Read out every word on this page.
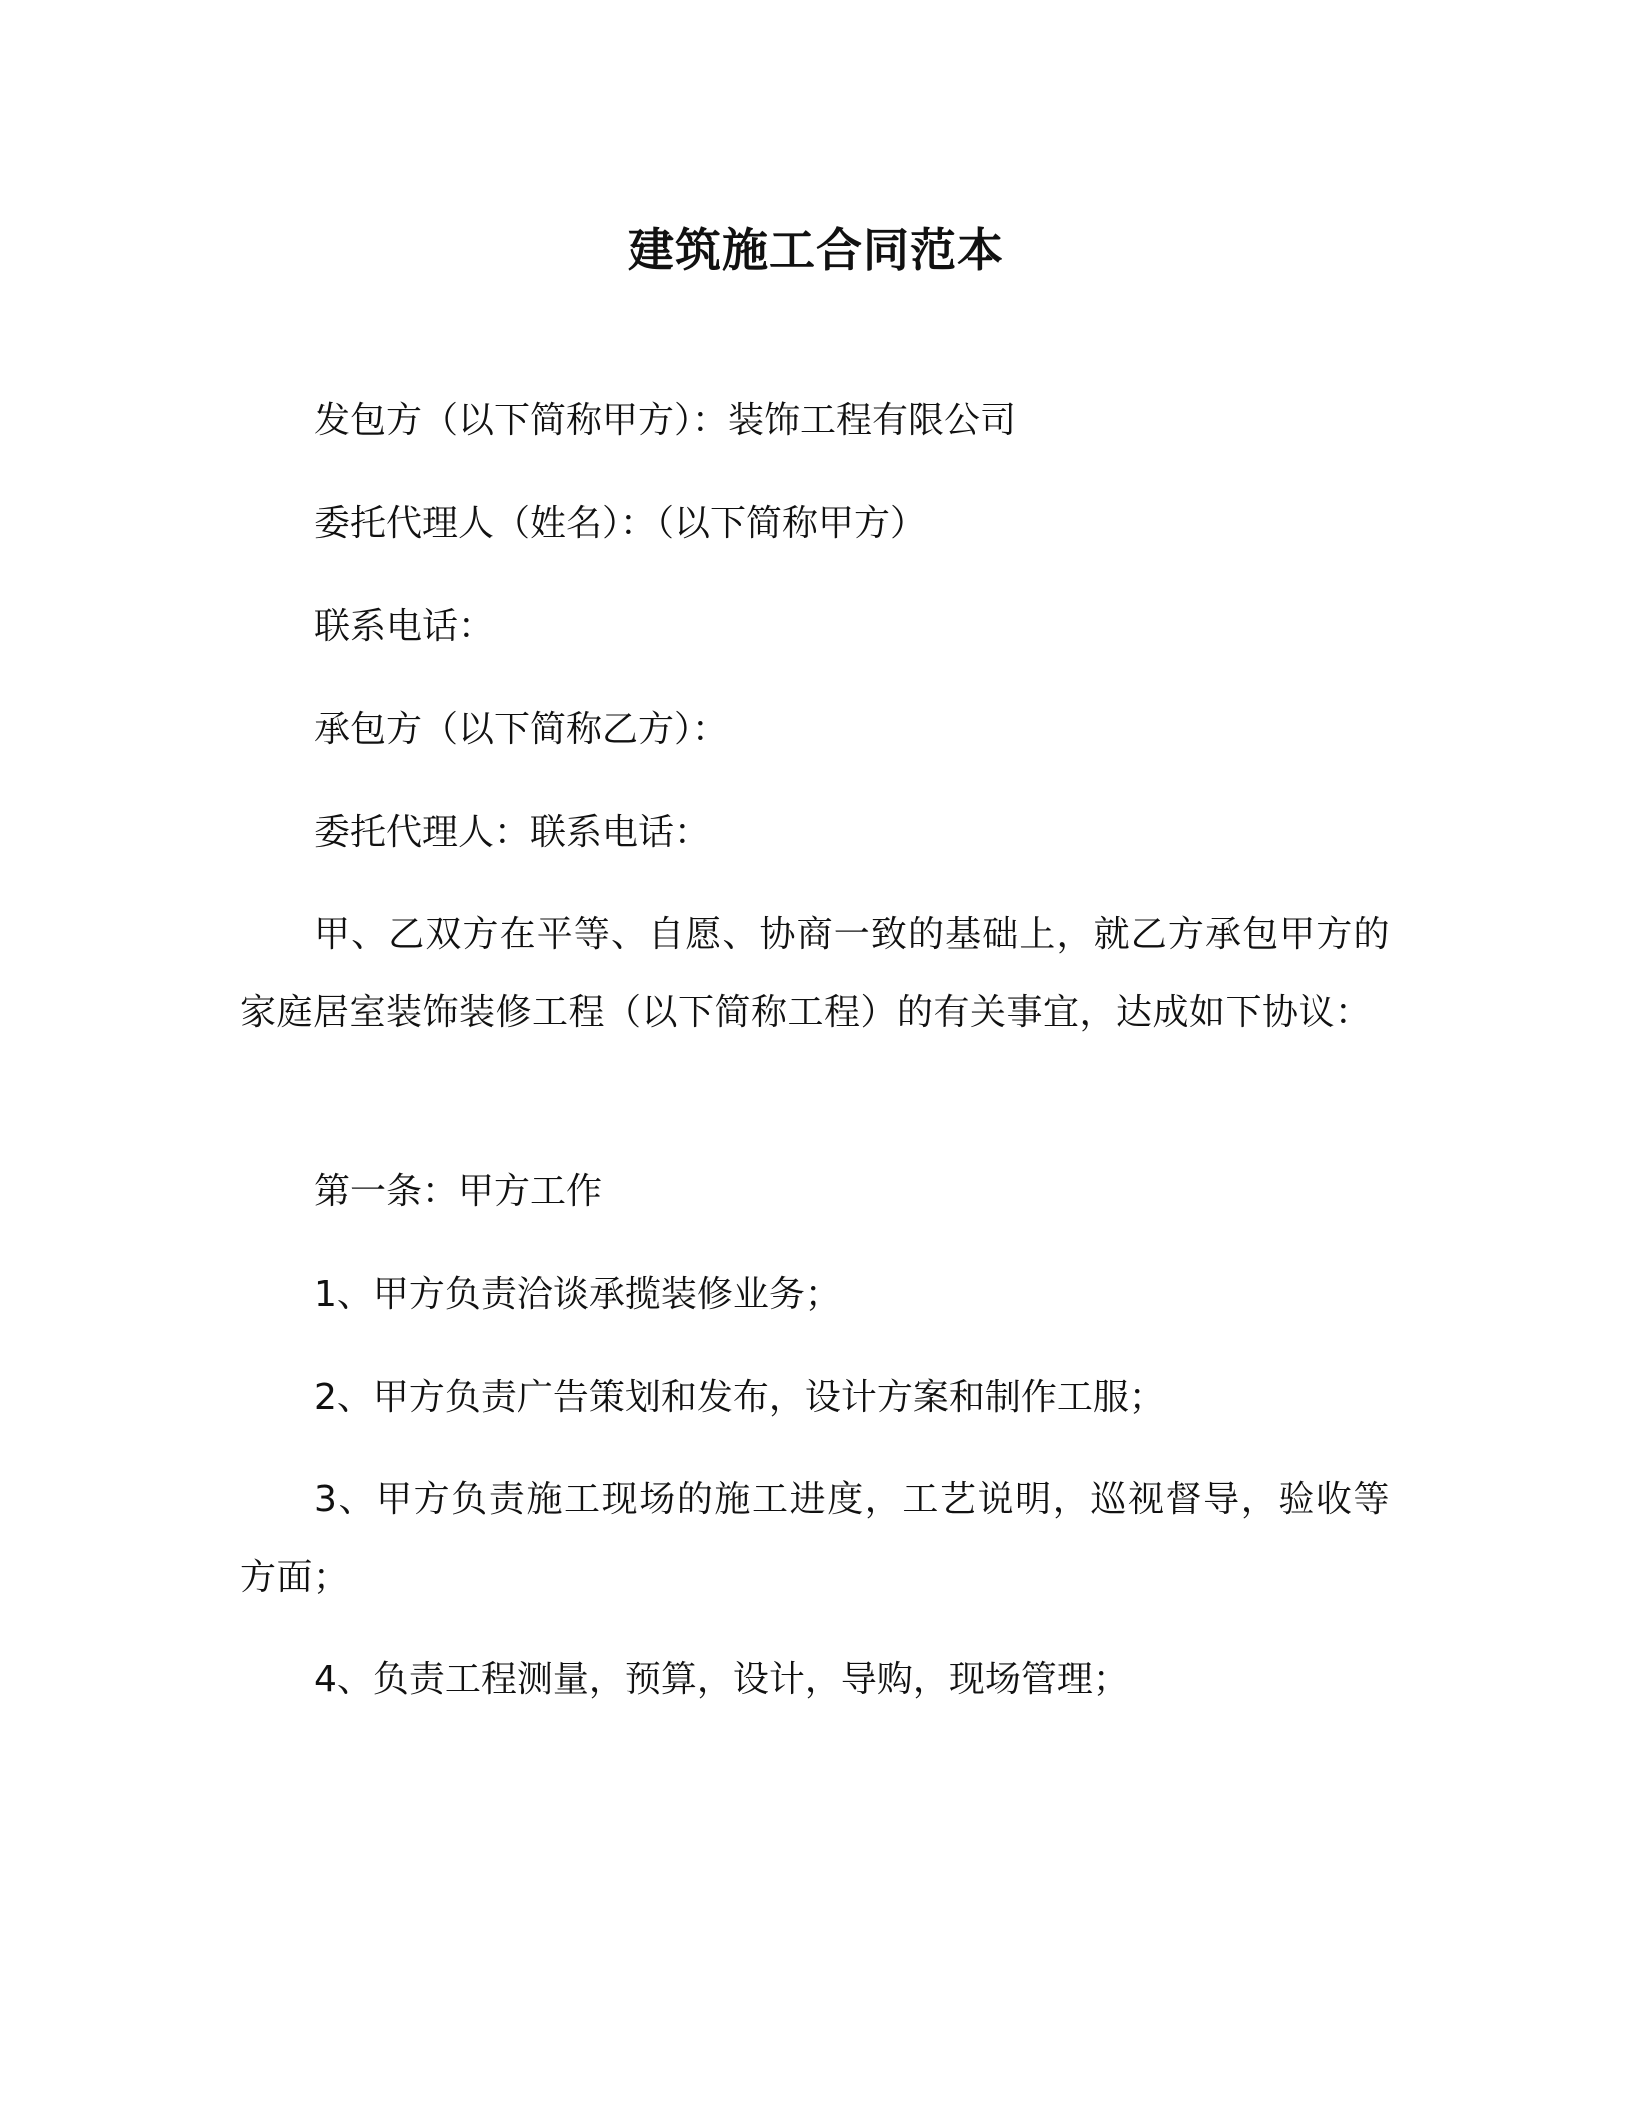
建筑施工合同范本
发包方（以下简称甲方）：装饰工程有限公司
委托代理人（姓名）：（以下简称甲方）
联系电话：
承包方（以下简称乙方）：
委托代理人：联系电话：
甲、乙双方在平等、自愿、协商一致的基础上，就乙方承包甲方的家庭居室装饰装修工程（以下简称工程）的有关事宜，达成如下协议：
第一条：甲方工作
1、甲方负责洽谈承揽装修业务；
2、甲方负责广告策划和发布，设计方案和制作工服；
3、甲方负责施工现场的施工进度，工艺说明，巡视督导，验收等方面；
4、负责工程测量，预算，设计，导购，现场管理；
